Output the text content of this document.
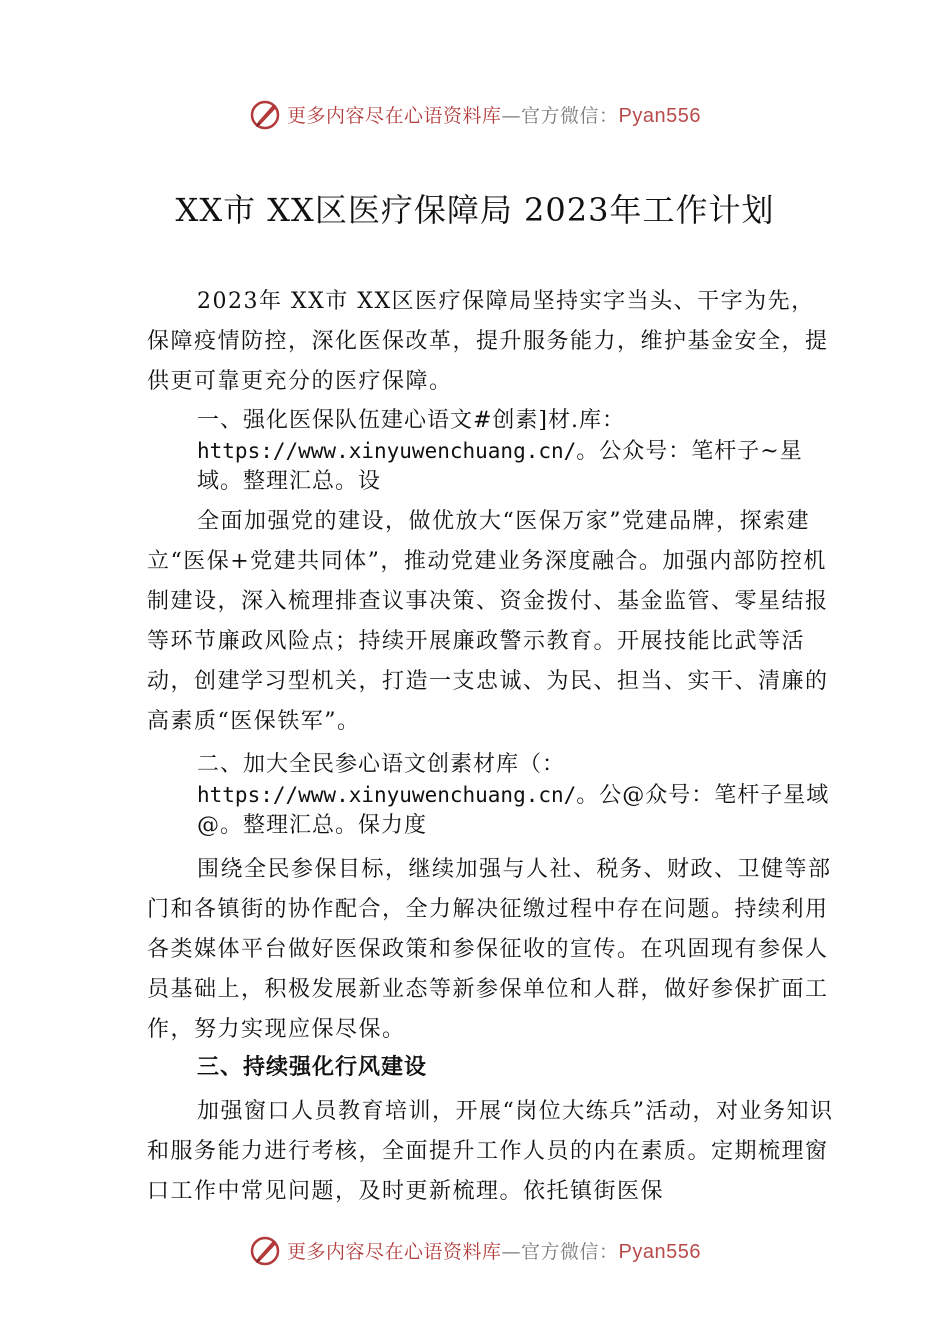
更多内容尽在心语资料库—官方微信：Pyan556
XX市 XX区医疗保障局 2023年工作计划

2023年 XX市 XX区医疗保障局坚持实字当头、干字为先，保障疫情防控，深化医保改革，提升服务能力，维护基金安全，提供更可靠更充分的医疗保障。

一、强化医保队伍建心语文#创素]材.库：https://www.xinyuwenchuang.cn/。公众号：笔杆子~星域。整理汇总。设

全面加强党的建设，做优放大“医保万家”党建品牌，探索建立“医保+党建共同体”，推动党建业务深度融合。加强内部防控机制建设，深入梳理排查议事决策、资金拨付、基金监管、零星结报等环节廉政风险点；持续开展廉政警示教育。开展技能比武等活动，创建学习型机关，打造一支忠诚、为民、担当、实干、清廉的高素质“医保铁军”。

二、加大全民参心语文创素材库（：https://www.xinyuwenchuang.cn/。公@众号：笔杆子星域@。整理汇总。保力度

围绕全民参保目标，继续加强与人社、税务、财政、卫健等部门和各镇街的协作配合，全力解决征缴过程中存在问题。持续利用各类媒体平台做好医保政策和参保征收的宣传。在巩固现有参保人员基础上，积极发展新业态等新参保单位和人群，做好参保扩面工作，努力实现应保尽保。

三、持续强化行风建设

加强窗口人员教育培训，开展“岗位大练兵”活动，对业务知识和服务能力进行考核，全面提升工作人员的内在素质。定期梳理窗口工作中常见问题，及时更新梳理。依托镇街医保

更多内容尽在心语资料库—官方微信：Pyan556
